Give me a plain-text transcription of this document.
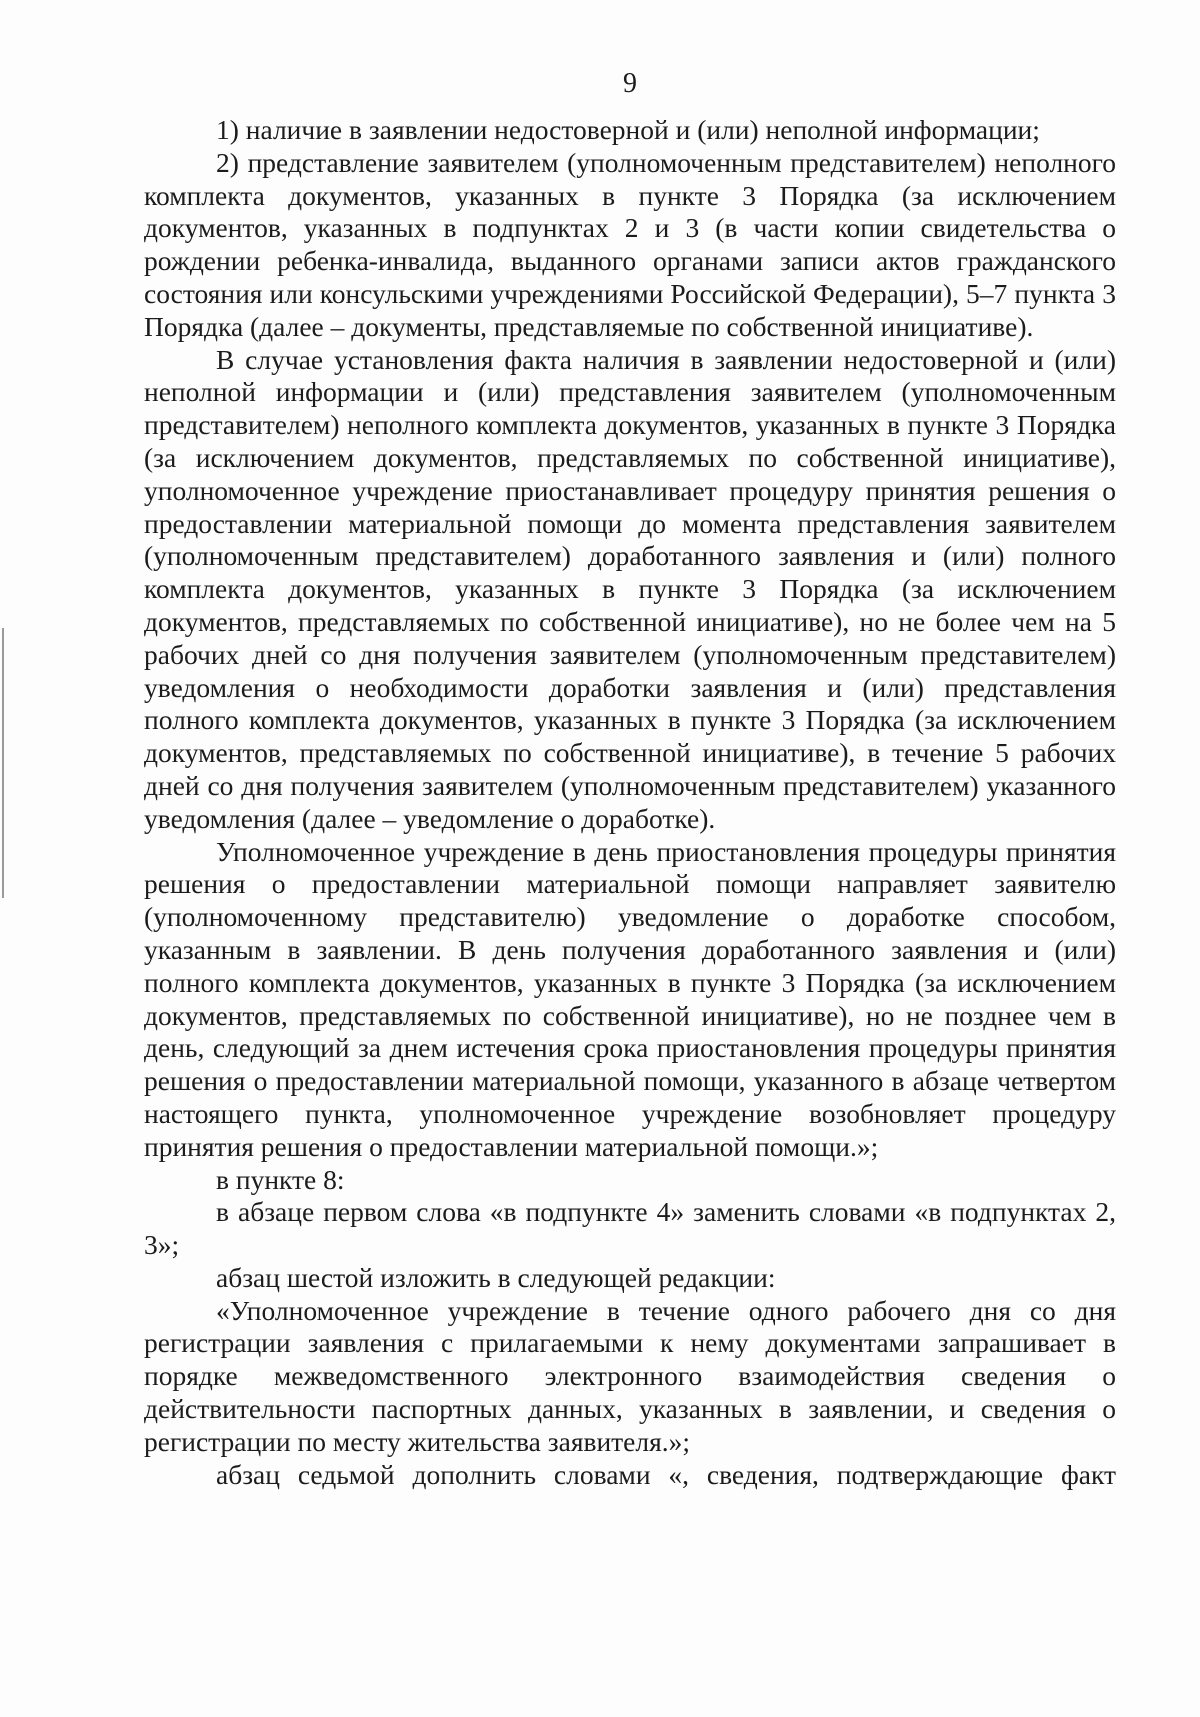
9

1) наличие в заявлении недостоверной и (или) неполной информации;

2) представление заявителем (уполномоченным представителем) неполного комплекта документов, указанных в пункте 3 Порядка (за исключением документов, указанных в подпунктах 2 и 3 (в части копии свидетельства о рождении ребенка-инвалида, выданного органами записи актов гражданского состояния или консульскими учреждениями Российской Федерации), 5–7 пункта 3 Порядка (далее – документы, представляемые по собственной инициативе).

В случае установления факта наличия в заявлении недостоверной и (или) неполной информации и (или) представления заявителем (уполномоченным представителем) неполного комплекта документов, указанных в пункте 3 Порядка (за исключением документов, представляемых по собственной инициативе), уполномоченное учреждение приостанавливает процедуру принятия решения о предоставлении материальной помощи до момента представления заявителем (уполномоченным представителем) доработанного заявления и (или) полного комплекта документов, указанных в пункте 3 Порядка (за исключением документов, представляемых по собственной инициативе), но не более чем на 5 рабочих дней со дня получения заявителем (уполномоченным представителем) уведомления о необходимости доработки заявления и (или) представления полного комплекта документов, указанных в пункте 3 Порядка (за исключением документов, представляемых по собственной инициативе), в течение 5 рабочих дней со дня получения заявителем (уполномоченным представителем) указанного уведомления (далее – уведомление о доработке).

Уполномоченное учреждение в день приостановления процедуры принятия решения о предоставлении материальной помощи направляет заявителю (уполномоченному представителю) уведомление о доработке способом, указанным в заявлении. В день получения доработанного заявления и (или) полного комплекта документов, указанных в пункте 3 Порядка (за исключением документов, представляемых по собственной инициативе), но не позднее чем в день, следующий за днем истечения срока приостановления процедуры принятия решения о предоставлении материальной помощи, указанного в абзаце четвертом настоящего пункта, уполномоченное учреждение возобновляет процедуру принятия решения о предоставлении материальной помощи.»;

в пункте 8:

в абзаце первом слова «в подпункте 4» заменить словами «в подпунктах 2, 3»;

абзац шестой изложить в следующей редакции:

«Уполномоченное учреждение в течение одного рабочего дня со дня регистрации заявления с прилагаемыми к нему документами запрашивает в порядке межведомственного электронного взаимодействия сведения о действительности паспортных данных, указанных в заявлении, и сведения о регистрации по месту жительства заявителя.»;

абзац седьмой дополнить словами «, сведения, подтверждающие факт
